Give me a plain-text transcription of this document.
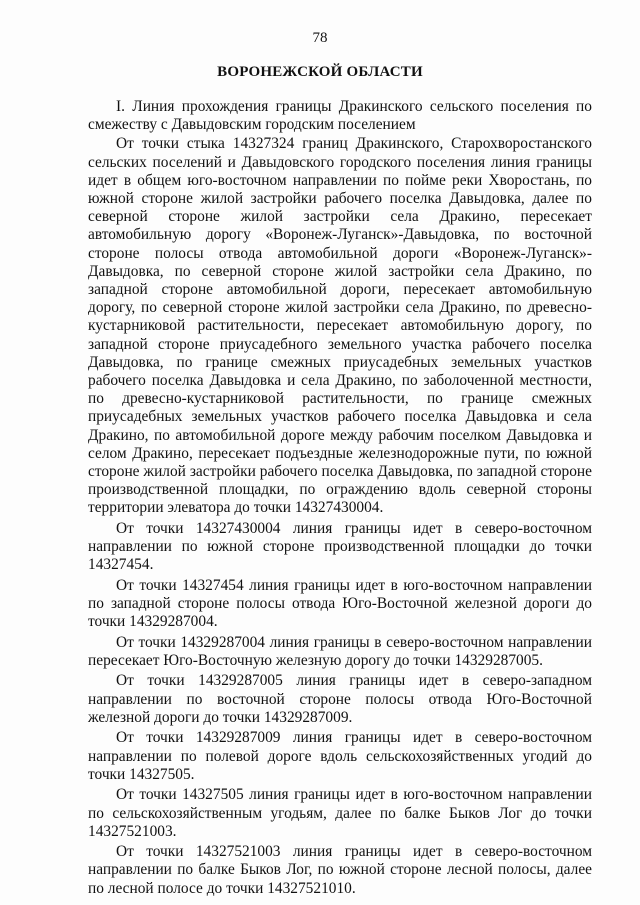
78
ВОРОНЕЖСКОЙ ОБЛАСТИ

I. Линия прохождения границы Дракинского сельского поселения по смежеству с Давыдовским городским поселением

От точки стыка 14327324 границ Дракинского, Старохворостанского сельских поселений и Давыдовского городского поселения линия границы идет в общем юго-восточном направлении по пойме реки Хворостань, по южной стороне жилой застройки рабочего поселка Давыдовка, далее по северной стороне жилой застройки села Дракино, пересекает автомобильную дорогу «Воронеж-Луганск»-Давыдовка, по восточной стороне полосы отвода автомобильной дороги «Воронеж-Луганск»-Давыдовка, по северной стороне жилой застройки села Дракино, по западной стороне автомобильной дороги, пересекает автомобильную дорогу, по северной стороне жилой застройки села Дракино, по древесно-кустарниковой растительности, пересекает автомобильную дорогу, по западной стороне приусадебного земельного участка рабочего поселка Давыдовка, по границе смежных приусадебных земельных участков рабочего поселка Давыдовка и села Дракино, по заболоченной местности, по древесно-кустарниковой растительности, по границе смежных приусадебных земельных участков рабочего поселка Давыдовка и села Дракино, по автомобильной дороге между рабочим поселком Давыдовка и селом Дракино, пересекает подъездные железнодорожные пути, по южной стороне жилой застройки рабочего поселка Давыдовка, по западной стороне производственной площадки, по ограждению вдоль северной стороны территории элеватора до точки 14327430004.

От точки 14327430004 линия границы идет в северо-восточном направлении по южной стороне производственной площадки до точки 14327454.

От точки 14327454 линия границы идет в юго-восточном направлении по западной стороне полосы отвода Юго-Восточной железной дороги до точки 14329287004.

От точки 14329287004 линия границы в северо-восточном направлении пересекает Юго-Восточную железную дорогу до точки 14329287005.

От точки 14329287005 линия границы идет в северо-западном направлении по восточной стороне полосы отвода Юго-Восточной железной дороги до точки 14329287009.

От точки 14329287009 линия границы идет в северо-восточном направлении по полевой дороге вдоль сельскохозяйственных угодий до точки 14327505.

От точки 14327505 линия границы идет в юго-восточном направлении по сельскохозяйственным угодьям, далее по балке Быков Лог до точки 14327521003.

От точки 14327521003 линия границы идет в северо-восточном направлении по балке Быков Лог, по южной стороне лесной полосы, далее по лесной полосе до точки 14327521010.
